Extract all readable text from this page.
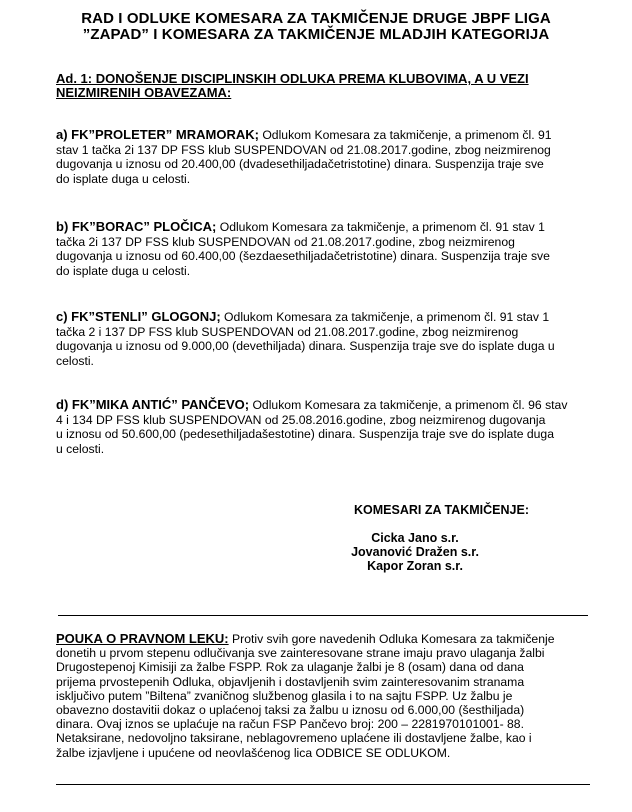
RAD I ODLUKE KOMESARA ZA TAKMIČENJE DRUGE JBPF LIGA
”ZAPAD” I KOMESARA ZA TAKMIČENJE MLADJIH KATEGORIJA
Ad. 1: DONOŠENJE DISCIPLINSKIH ODLUKA PREMA KLUBOVIMA, A U VEZI
NEIZMIRENIH OBAVEZAMA:
a) FK”PROLETER” MRAMORAK; Odlukom Komesara za takmičenje, a primenom čl. 91
stav 1 tačka 2i 137 DP FSS klub SUSPENDOVAN od 21.08.2017.godine, zbog neizmirenog
dugovanja u iznosu od 20.400,00 (dvadesethiljadačetristotine) dinara. Suspenzija traje sve
do isplate duga u celosti.
b) FK”BORAC” PLOČICA; Odlukom Komesara za takmičenje, a primenom čl. 91 stav 1
tačka 2i 137 DP FSS klub SUSPENDOVAN od 21.08.2017.godine, zbog neizmirenog
dugovanja u iznosu od 60.400,00 (šezdaesethiljadačetristotine) dinara. Suspenzija traje sve
do isplate duga u celosti.
c) FK”STENLI” GLOGONJ; Odlukom Komesara za takmičenje, a primenom čl. 91 stav 1
tačka 2 i 137 DP FSS klub SUSPENDOVAN od 21.08.2017.godine, zbog neizmirenog
dugovanja u iznosu od 9.000,00 (devethiljada) dinara. Suspenzija traje sve do isplate duga u
celosti.
d) FK”MIKA ANTIĆ” PANČEVO; Odlukom Komesara za takmičenje, a primenom čl. 96 stav
4 i 134 DP FSS klub SUSPENDOVAN od 25.08.2016.godine, zbog neizmirenog dugovanja
u iznosu od 50.600,00 (pedesethiljadašestotine) dinara. Suspenzija traje sve do isplate duga
u celosti.
KOMESARI ZA TAKMIČENJE:
Cicka Jano s.r.
Jovanović Dražen s.r.
Kapor Zoran s.r.
POUKA O PRAVNOM LEKU: Protiv svih gore navedenih Odluka Komesara za takmičenje
donetih u prvom stepenu odlučivanja sve zainteresovane strane imaju pravo ulaganja žalbi
Drugostepenoj Kimisiji za žalbe FSPP. Rok za ulaganje žalbi je 8 (osam) dana od dana
prijema prvostepenih Odluka, objavljenih i dostavljenih svim zainteresovanim stranama
isključivo putem ”Biltena” zvaničnog službenog glasila i to na sajtu FSPP. Uz žalbu je
obavezno dostavitii dokaz o uplaćenoj taksi za žalbu u iznosu od 6.000,00 (šesthiljada)
dinara. Ovaj iznos se uplaćuje na račun FSP Pančevo broj: 200 – 2281970101001- 88.
Netaksirane, nedovoljno taksirane, neblagovremeno uplaćene ili dostavljene žalbe, kao i
žalbe izjavljene i upućene od neovlašćenog lica ODBICE SE ODLUKOM.
